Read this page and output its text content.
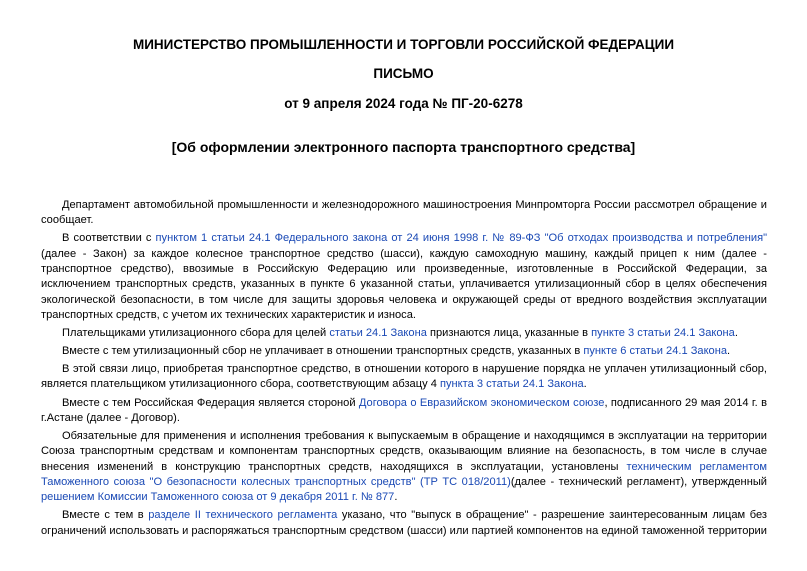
МИНИСТЕРСТВО ПРОМЫШЛЕННОСТИ И ТОРГОВЛИ РОССИЙСКОЙ ФЕДЕРАЦИИ
ПИСЬМО
от 9 апреля 2024 года № ПГ-20-6278
[Об оформлении электронного паспорта транспортного средства]

Департамент автомобильной промышленности и железнодорожного машиностроения Минпромторга России рассмотрел обращение и сообщает.

В соответствии с пунктом 1 статьи 24.1 Федерального закона от 24 июня 1998 г. № 89-ФЗ "Об отходах производства и потребления" (далее - Закон) за каждое колесное транспортное средство (шасси), каждую самоходную машину, каждый прицеп к ним (далее - транспортное средство), ввозимые в Российскую Федерацию или произведенные, изготовленные в Российской Федерации, за исключением транспортных средств, указанных в пункте 6 указанной статьи, уплачивается утилизационный сбор в целях обеспечения экологической безопасности, в том числе для защиты здоровья человека и окружающей среды от вредного воздействия эксплуатации транспортных средств, с учетом их технических характеристик и износа.

Плательщиками утилизационного сбора для целей статьи 24.1 Закона признаются лица, указанные в пункте 3 статьи 24.1 Закона.

Вместе с тем утилизационный сбор не уплачивает в отношении транспортных средств, указанных в пункте 6 статьи 24.1 Закона.

В этой связи лицо, приобретая транспортное средство, в отношении которого в нарушение порядка не уплачен утилизационный сбор, является плательщиком утилизационного сбора, соответствующим абзацу 4 пункта 3 статьи 24.1 Закона.

Вместе с тем Российская Федерация является стороной Договора о Евразийском экономическом союзе, подписанного 29 мая 2014 г. в г.Астане (далее - Договор).

Обязательные для применения и исполнения требования к выпускаемым в обращение и находящимся в эксплуатации на территории Союза транспортным средствам и компонентам транспортных средств, оказывающим влияние на безопасность, в том числе в случае внесения изменений в конструкцию транспортных средств, находящихся в эксплуатации, установлены техническим регламентом Таможенного союза "О безопасности колесных транспортных средств" (ТР ТС 018/2011)(далее - технический регламент), утвержденный решением Комиссии Таможенного союза от 9 декабря 2011 г. № 877.

Вместе с тем в разделе II технического регламента указано, что "выпуск в обращение" - разрешение заинтересованным лицам без ограничений использовать и распоряжаться транспортным средством (шасси) или партией компонентов на единой таможенной территории
